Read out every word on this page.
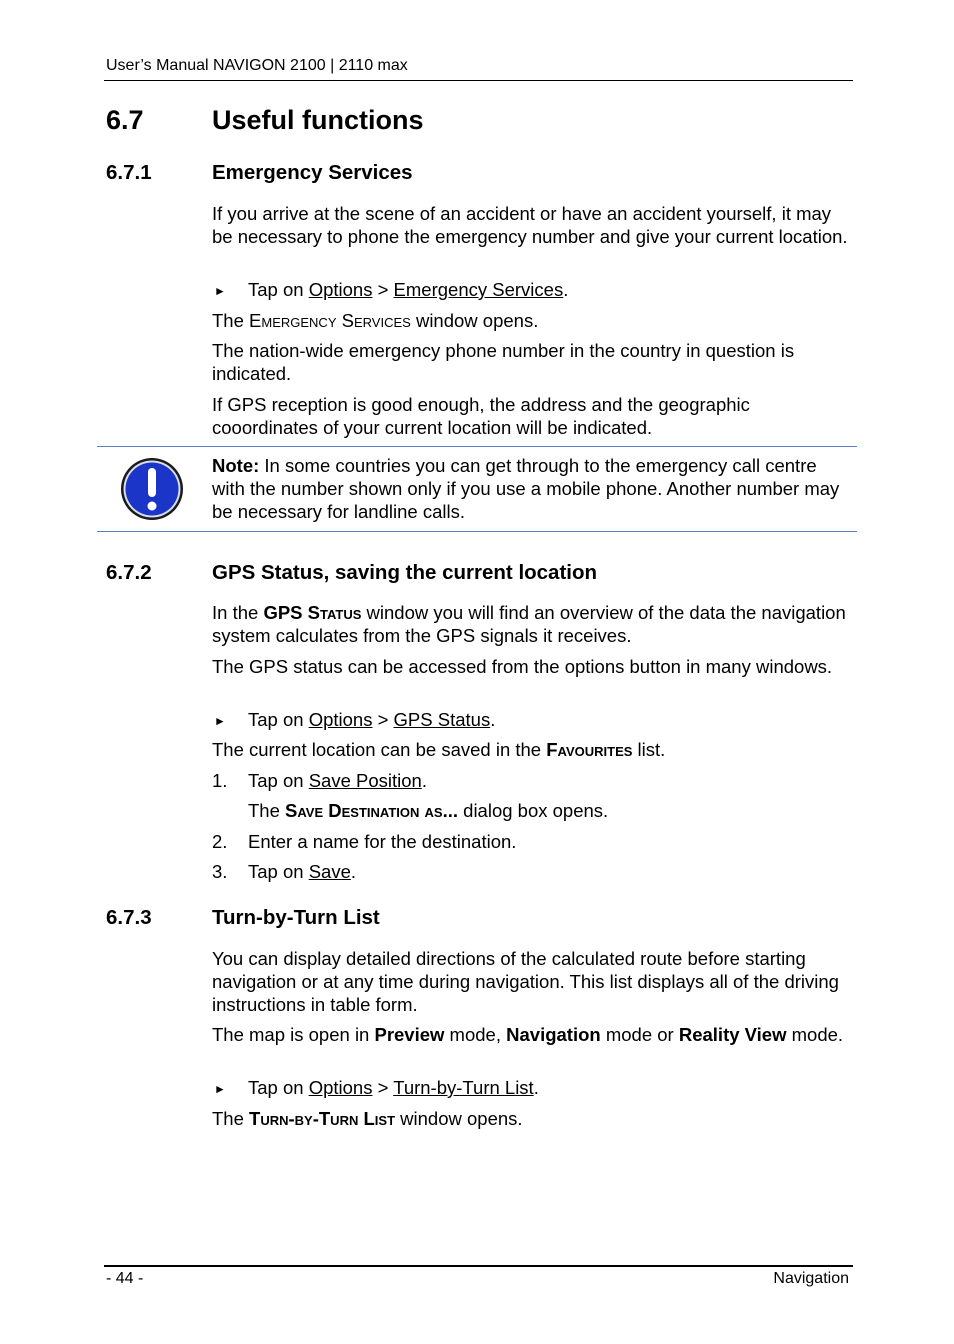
User’s Manual NAVIGON 2100 | 2110 max
6.7	Useful functions
6.7.1	Emergency Services
If you arrive at the scene of an accident or have an accident yourself, it may be necessary to phone the emergency number and give your current location.
► Tap on Options > Emergency Services.
The Emergency Services window opens.
The nation-wide emergency phone number in the country in question is indicated.
If GPS reception is good enough, the address and the geographic cooordinates of your current location will be indicated.
Note: In some countries you can get through to the emergency call centre with the number shown only if you use a mobile phone. Another number may be necessary for landline calls.
6.7.2	GPS Status, saving the current location
In the GPS Status window you will find an overview of the data the navigation system calculates from the GPS signals it receives.
The GPS status can be accessed from the options button in many windows.
► Tap on Options > GPS Status.
The current location can be saved in the Favourites list.
1. Tap on Save Position.
The Save Destination as... dialog box opens.
2. Enter a name for the destination.
3. Tap on Save.
6.7.3	Turn-by-Turn List
You can display detailed directions of the calculated route before starting navigation or at any time during navigation. This list displays all of the driving instructions in table form.
The map is open in Preview mode, Navigation mode or Reality View mode.
► Tap on Options > Turn-by-Turn List.
The Turn-by-Turn List window opens.
- 44 -	Navigation
